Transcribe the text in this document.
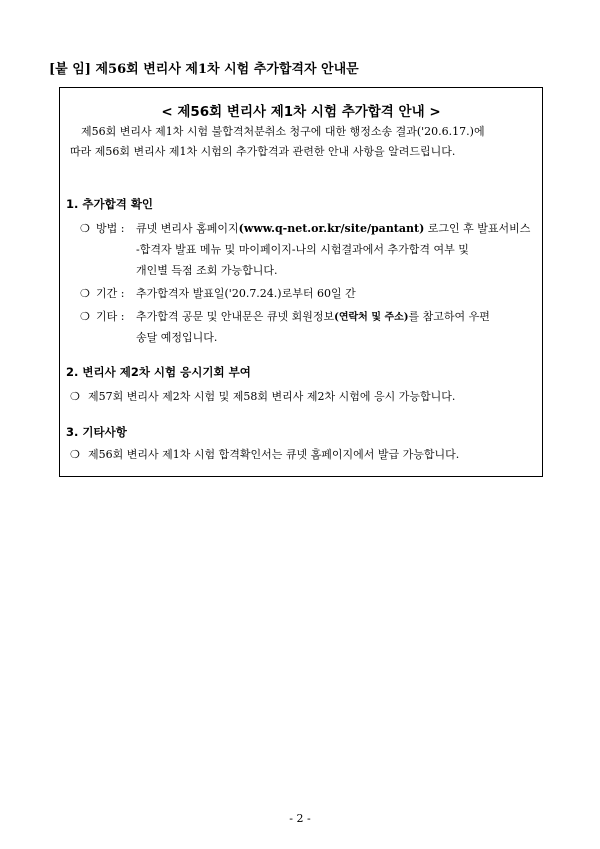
[붙 임] 제56회 변리사 제1차 시험 추가합격자 안내문
< 제56회 변리사 제1차 시험 추가합격 안내 >
제56회 변리사 제1차 시험 불합격처분취소 청구에 대한 행정소송 결과('20.6.17.)에
따라 제56회 변리사 제1차 시험의 추가합격과 관련한 안내 사항을 알려드립니다.
1. 추가합격 확인
❍ 방법 : 큐넷 변리사 홈페이지(www.q-net.or.kr/site/pantant) 로그인 후 발표서비스
-합격자 발표 메뉴 및 마이페이지-나의 시험결과에서 추가합격 여부 및
개인별 득점 조회 가능합니다.
❍ 기간 : 추가합격자 발표일('20.7.24.)로부터 60일 간
❍ 기타 : 추가합격 공문 및 안내문은 큐넷 회원정보(연락처 및 주소)를 참고하여 우편
송달 예정입니다.
2. 변리사 제2차 시험 응시기회 부여
❍ 제57회 변리사 제2차 시험 및 제58회 변리사 제2차 시험에 응시 가능합니다.
3. 기타사항
❍ 제56회 변리사 제1차 시험 합격확인서는 큐넷 홈페이지에서 발급 가능합니다.
- 2 -
